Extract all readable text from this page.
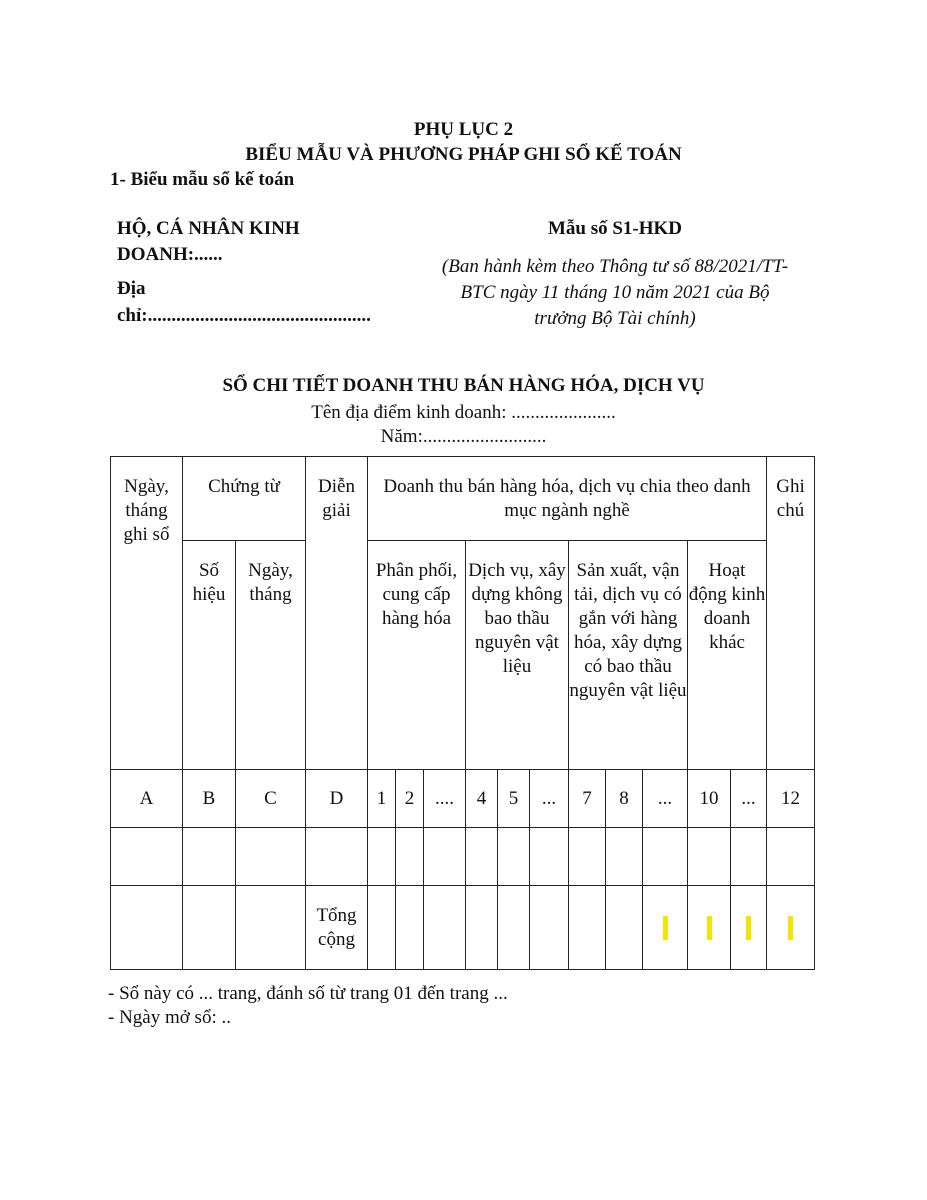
PHỤ LỤC 2
BIỂU MẪU VÀ PHƯƠNG PHÁP GHI SỔ KẾ TOÁN
1- Biểu mẫu sổ kế toán
HỘ, CÁ NHÂN KINH
DOANH:......
Địa
chỉ:...............................................
Mẫu số S1-HKD
(Ban hành kèm theo Thông tư số 88/2021/TT-BTC ngày 11 tháng 10 năm 2021 của Bộ trưởng Bộ Tài chính)
SỔ CHI TIẾT DOANH THU BÁN HÀNG HÓA, DỊCH VỤ
Tên địa điểm kinh doanh: ......................
Năm:..........................
Ngày, tháng ghi sổ	Chứng từ		Diễn giải	Doanh thu bán hàng hóa, dịch vụ chia theo danh mục ngành nghề											Ghi chú
	Số hiệu	Ngày, tháng		Phân phối, cung cấp hàng hóa			Dịch vụ, xây dựng không bao thầu nguyên vật liệu			Sản xuất, vận tải, dịch vụ có gắn với hàng hóa, xây dựng có bao thầu nguyên vật liệu			Hoạt động kinh doanh khác		
A	B	C	D	1	2	....	4	5	...	7	8	...	10	...	12

			Tổng cộng												
- Sổ này có ... trang, đánh số từ trang 01 đến trang ...
- Ngày mở sổ: ..
